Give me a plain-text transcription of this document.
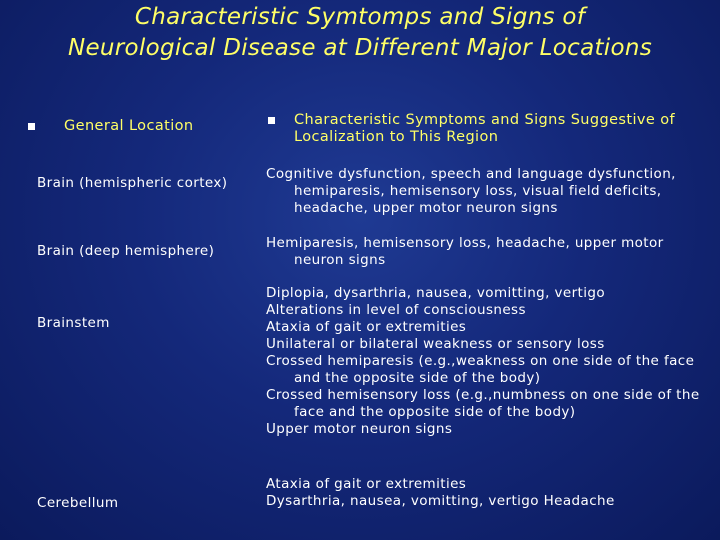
Characteristic Symtomps and Signs of Neurological Disease at Different Major Locations
General Location	Characteristic Symptoms and Signs Suggestive of Localization to This Region
Brain (hemispheric cortex)
Cognitive dysfunction, speech and language dysfunction, hemiparesis, hemisensory loss, visual field deficits, headache, upper motor neuron signs
Brain (deep hemisphere)	Hemiparesis, hemisensory loss, headache, upper motor neuron signs
Brainstem
Diplopia, dysarthria, nausea, vomitting, vertigo
Alterations in level of consciousness
Ataxia of gait or extremities
Unilateral or bilateral weakness or sensory loss
Crossed hemiparesis (e.g.,weakness on one side of the face and the opposite side of the body)
Crossed hemisensory loss (e.g.,numbness on one side of the face and the opposite side of the body)
Upper motor neuron signs
Cerebellum
Ataxia of gait or extremities
Dysarthria, nausea, vomitting, vertigo Headache
